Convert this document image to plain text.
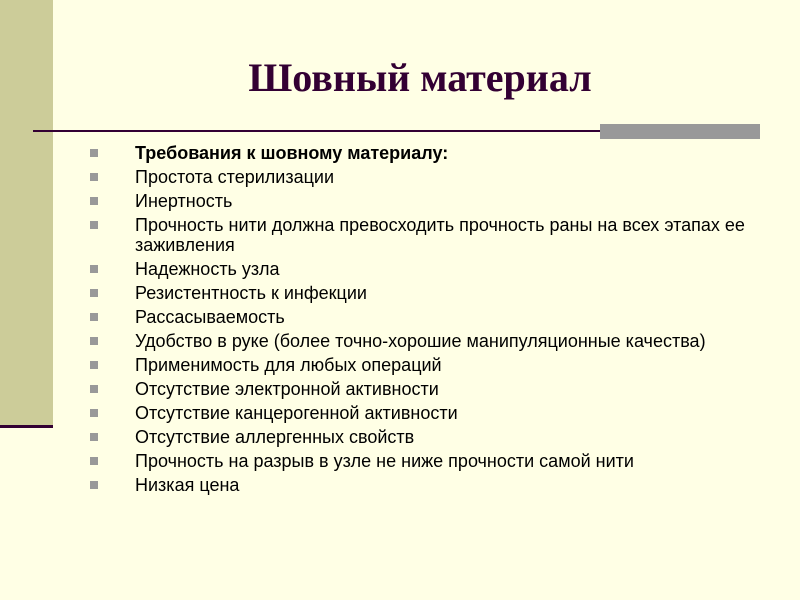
Шовный материал
Требования к шовному материалу:
Простота стерилизации
Инертность
Прочность нити должна превосходить прочность раны на всех этапах ее заживления
Надежность узла
Резистентность к инфекции
Рассасываемость
Удобство в руке (более точно-хорошие манипуляционные качества)
Применимость для любых операций
Отсутствие электронной активности
Отсутствие канцерогенной активности
Отсутствие аллергенных свойств
Прочность на разрыв в узле не ниже прочности самой нити
Низкая цена
